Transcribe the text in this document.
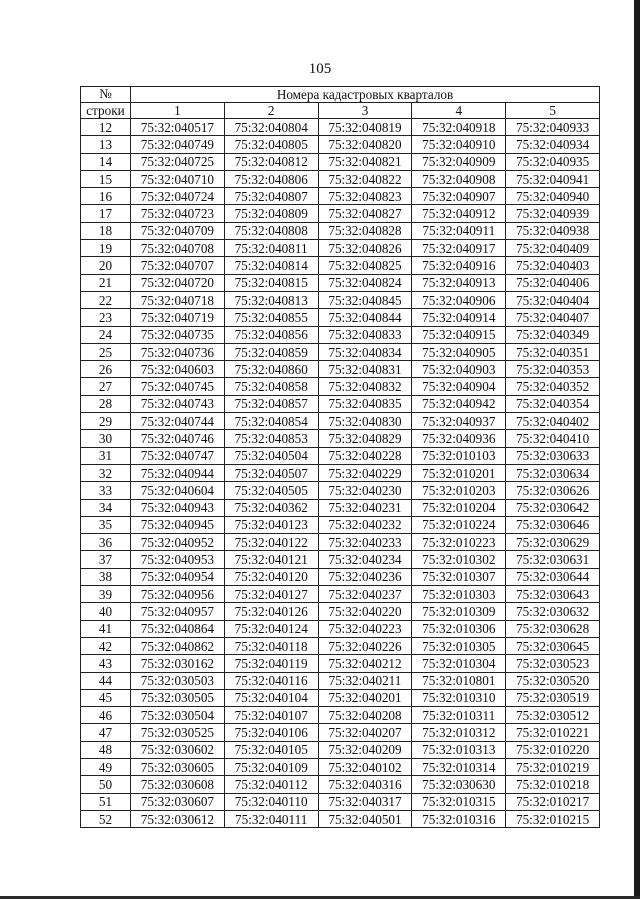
105
№	Номера кадастровых кварталов				
строки	1	2	3	4	5
12	75:32:040517	75:32:040804	75:32:040819	75:32:040918	75:32:040933
13	75:32:040749	75:32:040805	75:32:040820	75:32:040910	75:32:040934
14	75:32:040725	75:32:040812	75:32:040821	75:32:040909	75:32:040935
15	75:32:040710	75:32:040806	75:32:040822	75:32:040908	75:32:040941
16	75:32:040724	75:32:040807	75:32:040823	75:32:040907	75:32:040940
17	75:32:040723	75:32:040809	75:32:040827	75:32:040912	75:32:040939
18	75:32:040709	75:32:040808	75:32:040828	75:32:040911	75:32:040938
19	75:32:040708	75:32:040811	75:32:040826	75:32:040917	75:32:040409
20	75:32:040707	75:32:040814	75:32:040825	75:32:040916	75:32:040403
21	75:32:040720	75:32:040815	75:32:040824	75:32:040913	75:32:040406
22	75:32:040718	75:32:040813	75:32:040845	75:32:040906	75:32:040404
23	75:32:040719	75:32:040855	75:32:040844	75:32:040914	75:32:040407
24	75:32:040735	75:32:040856	75:32:040833	75:32:040915	75:32:040349
25	75:32:040736	75:32:040859	75:32:040834	75:32:040905	75:32:040351
26	75:32:040603	75:32:040860	75:32:040831	75:32:040903	75:32:040353
27	75:32:040745	75:32:040858	75:32:040832	75:32:040904	75:32:040352
28	75:32:040743	75:32:040857	75:32:040835	75:32:040942	75:32:040354
29	75:32:040744	75:32:040854	75:32:040830	75:32:040937	75:32:040402
30	75:32:040746	75:32:040853	75:32:040829	75:32:040936	75:32:040410
31	75:32:040747	75:32:040504	75:32:040228	75:32:010103	75:32:030633
32	75:32:040944	75:32:040507	75:32:040229	75:32:010201	75:32:030634
33	75:32:040604	75:32:040505	75:32:040230	75:32:010203	75:32:030626
34	75:32:040943	75:32:040362	75:32:040231	75:32:010204	75:32:030642
35	75:32:040945	75:32:040123	75:32:040232	75:32:010224	75:32:030646
36	75:32:040952	75:32:040122	75:32:040233	75:32:010223	75:32:030629
37	75:32:040953	75:32:040121	75:32:040234	75:32:010302	75:32:030631
38	75:32:040954	75:32:040120	75:32:040236	75:32:010307	75:32:030644
39	75:32:040956	75:32:040127	75:32:040237	75:32:010303	75:32:030643
40	75:32:040957	75:32:040126	75:32:040220	75:32:010309	75:32:030632
41	75:32:040864	75:32:040124	75:32:040223	75:32:010306	75:32:030628
42	75:32:040862	75:32:040118	75:32:040226	75:32:010305	75:32:030645
43	75:32:030162	75:32:040119	75:32:040212	75:32:010304	75:32:030523
44	75:32:030503	75:32:040116	75:32:040211	75:32:010801	75:32:030520
45	75:32:030505	75:32:040104	75:32:040201	75:32:010310	75:32:030519
46	75:32:030504	75:32:040107	75:32:040208	75:32:010311	75:32:030512
47	75:32:030525	75:32:040106	75:32:040207	75:32:010312	75:32:010221
48	75:32:030602	75:32:040105	75:32:040209	75:32:010313	75:32:010220
49	75:32:030605	75:32:040109	75:32:040102	75:32:010314	75:32:010219
50	75:32:030608	75:32:040112	75:32:040316	75:32:030630	75:32:010218
51	75:32:030607	75:32:040110	75:32:040317	75:32:010315	75:32:010217
52	75:32:030612	75:32:040111	75:32:040501	75:32:010316	75:32:010215
